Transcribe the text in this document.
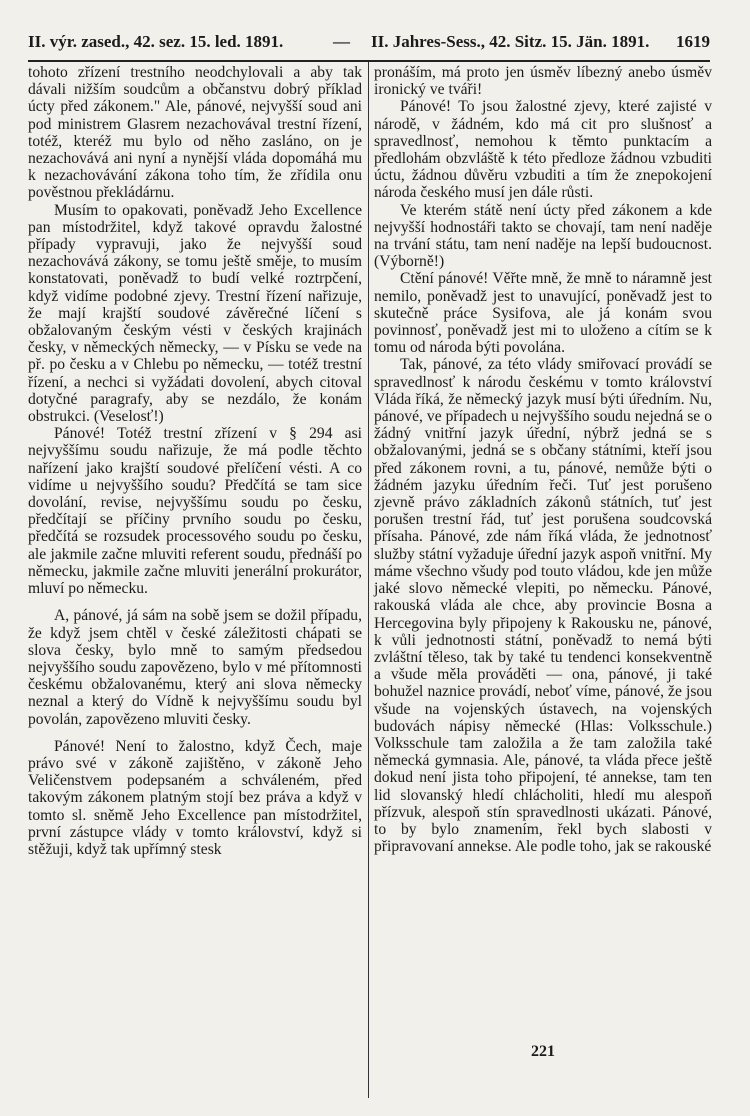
II. výr. zased., 42. sez. 15. led. 1891.	— II. Jahres-Sess., 42. Sitz. 15. Jän. 1891. 1619

tohoto zřízení trestního neodchylovali a aby tak dávali nižším soudcům a občanstvu dobrý příklad úcty před zákonem." Ale, pánové, nejvyšší soud ani pod ministrem Glasrem nezachovával trestní řízení, totéž, kteréž mu bylo od něho zasláno, on je nezachovává ani nyní a nynější vláda dopomáhá mu k nezachovávání zákona toho tím, že zřídila onu pověstnou překládárnu.

Musím to opakovati, poněvadž Jeho Excellence pan místodržitel, když takové opravdu žalostné případy vypravuji, jako že nejvyšší soud nezachovává zákony, se tomu ještě směje, to musím konstatovati, poněvadž to budí velké roztrpčení, když vidíme podobné zjevy. Trestní řízení nařizuje, že mají krajští soudové závěrečné líčení s obžalovaným českým vésti v českých krajinách česky, v německých německy, — v Písku se vede na př. po česku a v Chlebu po německu, — totéž trestní řízení, a nechci si vyžádati dovolení, abych citoval dotyčné paragrafy, aby se nezdálo, že konám obstrukci. (Veselosť!)

Pánové! Totéž trestní zřízení v § 294 asi nejvyššímu soudu nařizuje, že má podle těchto nařízení jako krajští soudové přelíčení vésti. A co vidíme u nejvyššího soudu? Předčítá se tam sice dovolání, revise, nejvyššímu soudu po česku, předčítají se příčiny prvního soudu po česku, předčítá se rozsudek processového soudu po česku, ale jakmile začne mluviti referent soudu, přednáší po německu, jakmile začne mluviti jenerální prokurátor, mluví po německu.

A, pánové, já sám na sobě jsem se dožil případu, že když jsem chtěl v české záležitosti chápati se slova česky, bylo mně to samým předsedou nejvyššího soudu zapovězeno, bylo v mé přítomnosti českému obžalovanému, který ani slova německy neznal a který do Vídně k nejvyššímu soudu byl povolán, zapovězeno mluviti česky.

Pánové! Není to žalostno, když Čech, maje právo své v zákoně zajištěno, v zákoně Jeho Veličenstvem podepsaném a schváleném, před takovým zákonem platným stojí bez práva a když v tomto sl. sněmě Jeho Excellence pan místodržitel, první zástupce vlády v tomto království, když si stěžuji, když tak upřímný stesk

pronáším, má proto jen úsměv líbezný anebo úsměv ironický ve tváři!

Pánové! To jsou žalostné zjevy, které zajisté v národě, v žádném, kdo má cit pro slušnosť a spravedlnosť, nemohou k těmto punktacím a předlohám obzvláště k této předloze žádnou vzbuditi úctu, žádnou důvěru vzbuditi a tím že znepokojení národa českého musí jen dále růsti.

Ve kterém státě není úcty před zákonem a kde nejvyšší hodnostáři takto se chovají, tam není naděje na trvání státu, tam není naděje na lepší budoucnost. (Výborně!)

Ctění pánové! Věřte mně, že mně to náramně jest nemilo, poněvadž jest to unavující, poněvadž jest to skutečně práce Sysifova, ale já konám svou povinnosť, poněvadž jest mi to uloženo a cítím se k tomu od národa býti povolána.

Tak, pánové, za této vlády smiřovací provádí se spravedlnosť k národu českému v tomto království Vláda říká, že německý jazyk musí býti úředním. Nu, pánové, ve případech u nejvyššího soudu nejedná se o žádný vnitřní jazyk úřední, nýbrž jedná se s obžalovanými, jedná se s občany státními, kteří jsou před zákonem rovni, a tu, pánové, nemůže býti o žádném jazyku úředním řeči. Tuť jest porušeno zjevně právo základních zákonů státních, tuť jest porušen trestní řád, tuť jest porušena soudcovská přísaha. Pánové, zde nám říká vláda, že jednotnosť služby státní vyžaduje úřední jazyk aspoň vnitřní. My máme všechno všudy pod touto vládou, kde jen může jaké slovo německé vlepiti, po německu. Pánové, rakouská vláda ale chce, aby provincie Bosna a Hercegovina byly připojeny k Rakousku ne, pánové, k vůli jednotnosti státní, poněvadž to nemá býti zvláštní těleso, tak by také tu tendenci konsekventně a všude měla prováděti — ona, pánové, ji také bohužel naznice provádí, neboť víme, pánové, že jsou všude na vojenských ústavech, na vojenských budovách nápisy německé (Hlas: Volksschule.) Volksschule tam založila a že tam založila také německá gymnasia. Ale, pánové, ta vláda přece ještě dokud není jista toho připojení, té annekse, tam ten lid slovanský hledí chlácholiti, hledí mu alespoň přízvuk, alespoň stín spravedlnosti ukázati. Pánové, to by bylo znamením, řekl bych slabosti v připravovaní annekse. Ale podle toho, jak se rakouské

221
